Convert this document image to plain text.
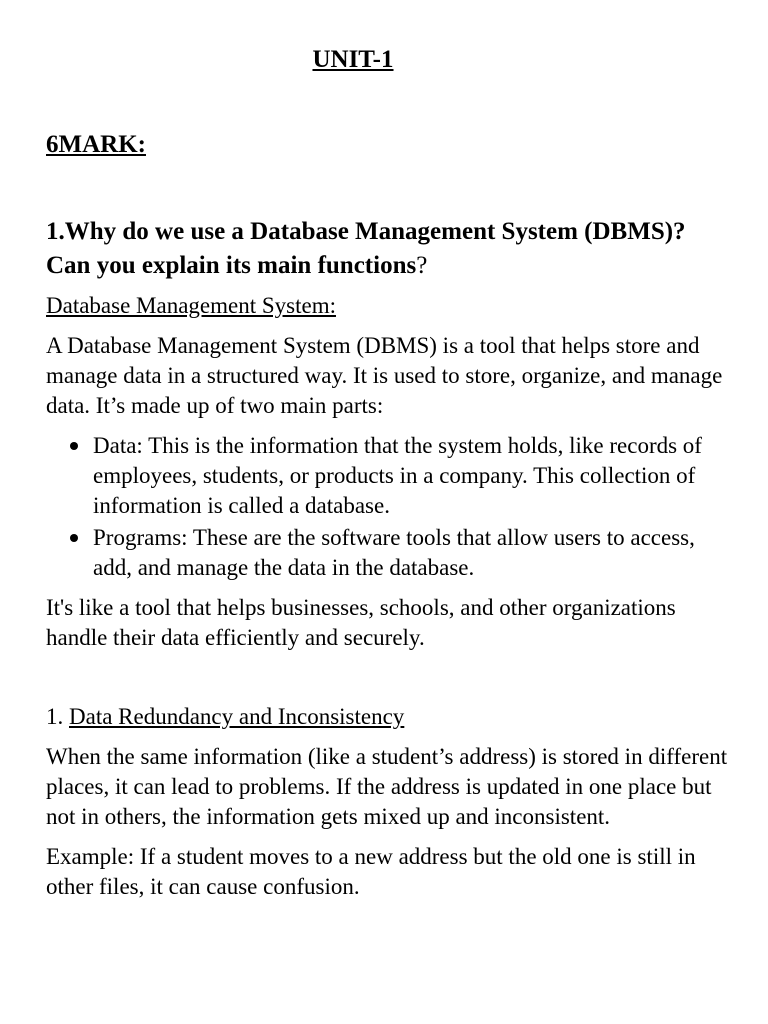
UNIT-1
6MARK:
1.Why do we use a Database Management System (DBMS)? Can you explain its main functions?

Database Management System:

A Database Management System (DBMS) is a tool that helps store and manage data in a structured way. It is used to store, organize, and manage data. It’s made up of two main parts:

Data: This is the information that the system holds, like records of employees, students, or products in a company. This collection of information is called a database.
Programs: These are the software tools that allow users to access, add, and manage the data in the database.

It's like a tool that helps businesses, schools, and other organizations handle their data efficiently and securely.

1. Data Redundancy and Inconsistency

When the same information (like a student’s address) is stored in different places, it can lead to problems. If the address is updated in one place but not in others, the information gets mixed up and inconsistent.

Example: If a student moves to a new address but the old one is still in other files, it can cause confusion.
